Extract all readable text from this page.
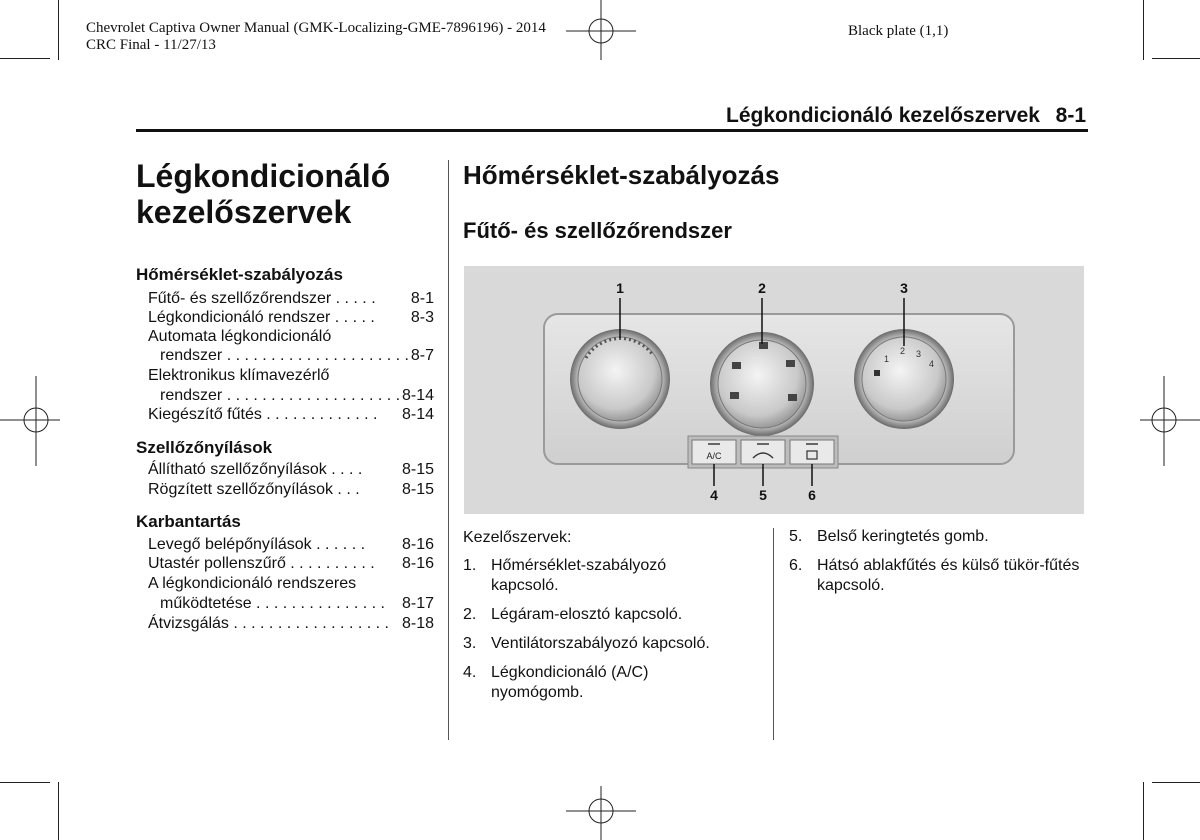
Chevrolet Captiva Owner Manual (GMK-Localizing-GME-7896196) - 2014
CRC Final - 11/27/13
Black plate (1,1)
Légkondicionáló kezelőszervek 8-1
Légkondicionáló
kezelőszervek
Hőmérséklet-szabályozás
Fűtő- és szellőzőrendszer . . . . . 8-1
Légkondicionáló rendszer . . . . . 8-3
Automata légkondicionáló
rendszer . . . . . . . . . . . . . . . . . . . . . 8-7
Elektronikus klímavezérlő
rendszer . . . . . . . . . . . . . . . . . . . . 8-14
Kiegészítő fűtés . . . . . . . . . . . . . 8-14
Szellőzőnyílások
Állítható szellőzőnyílások . . . . 8-15
Rögzített szellőzőnyílások . . .	8-15
Karbantartás
Levegő belépőnyílások . . . . . . 8-16
Utastér pollenszűrő . . . . . . . . . . 8-16
A légkondicionáló rendszeres
működtetése . . . . . . . . . . . . . . . 8-17
Átvizsgálás . . . . . . . . . . . . . . . . . . 8-18
Hőmérséklet-szabályozás
Fűtő- és szellőzőrendszer
1
2 3
4
A/C
1	2	3
4	5	6
Kezelőszervek:
1. Hőmérséklet-szabályozó kapcsoló.
2. Légáram-elosztó kapcsoló.
3. Ventilátorszabályozó kapcsoló.
4. Légkondicionáló (A/C) nyomógomb.
5. Belső keringtetés gomb.
6. Hátsó ablakfűtés és külső tükör-fűtés kapcsoló.
